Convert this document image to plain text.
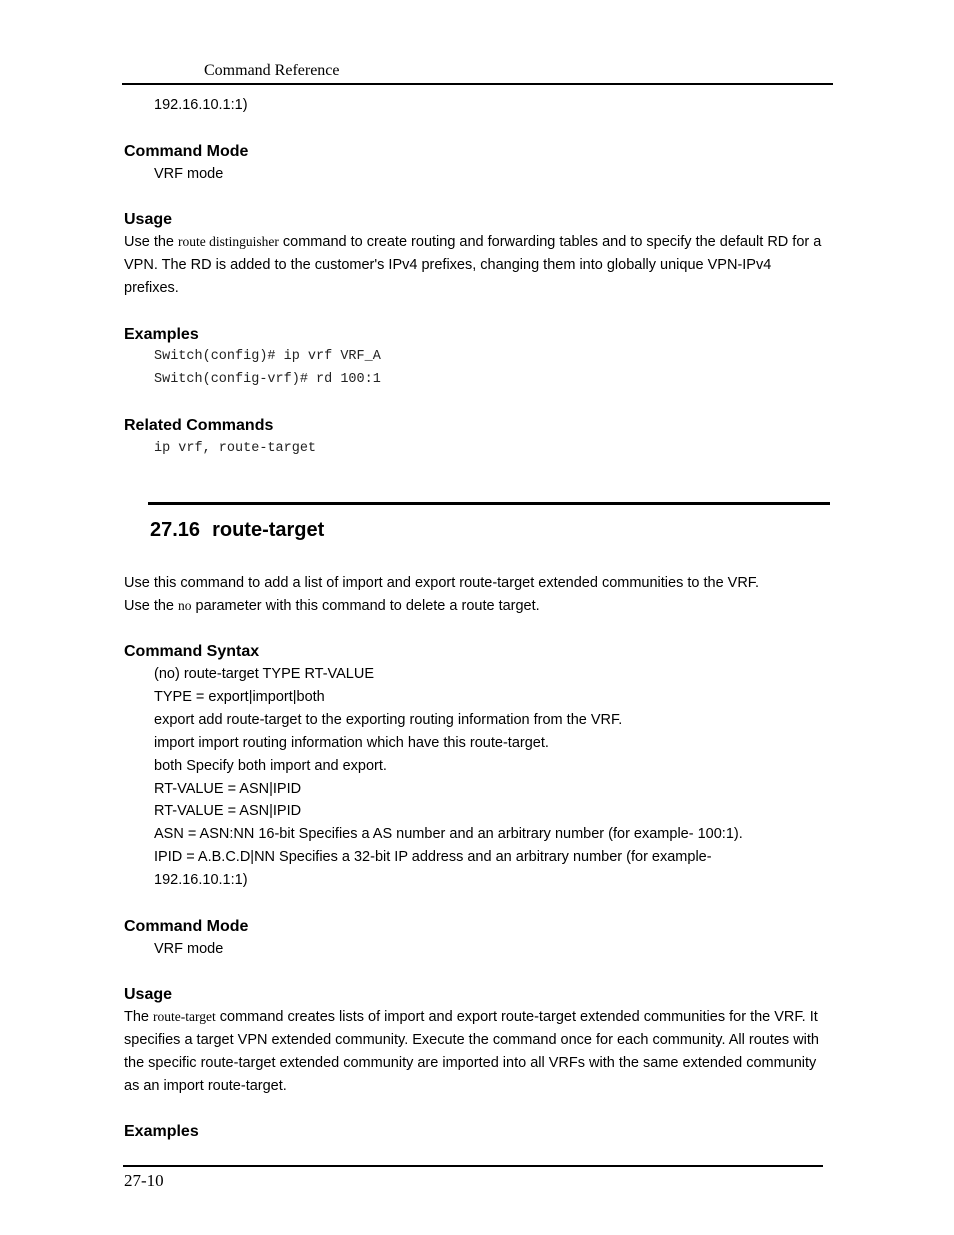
Command Reference
192.16.10.1:1)
Command Mode
VRF mode
Usage
Use the route distinguisher command to create routing and forwarding tables and to specify the default RD for a
VPN. The RD is added to the customer's IPv4 prefixes, changing them into globally unique VPN-IPv4
prefixes.
Examples
Switch(config)# ip vrf VRF_A
Switch(config-vrf)# rd 100:1
Related Commands
ip vrf, route-target
27.16 route-target
Use this command to add a list of import and export route-target extended communities to the VRF.
Use the no parameter with this command to delete a route target.
Command Syntax
(no) route-target TYPE RT-VALUE
TYPE = export|import|both
export add route-target to the exporting routing information from the VRF.
import import routing information which have this route-target.
both Specify both import and export.
RT-VALUE = ASN|IPID
RT-VALUE = ASN|IPID
ASN = ASN:NN 16-bit Specifies a AS number and an arbitrary number (for example- 100:1).
IPID = A.B.C.D|NN Specifies a 32-bit IP address and an arbitrary number (for example-
192.16.10.1:1)
Command Mode
VRF mode
Usage
The route-target command creates lists of import and export route-target extended communities for the VRF. It
specifies a target VPN extended community. Execute the command once for each community. All routes with
the specific route-target extended community are imported into all VRFs with the same extended community
as an import route-target.
Examples
27-10
